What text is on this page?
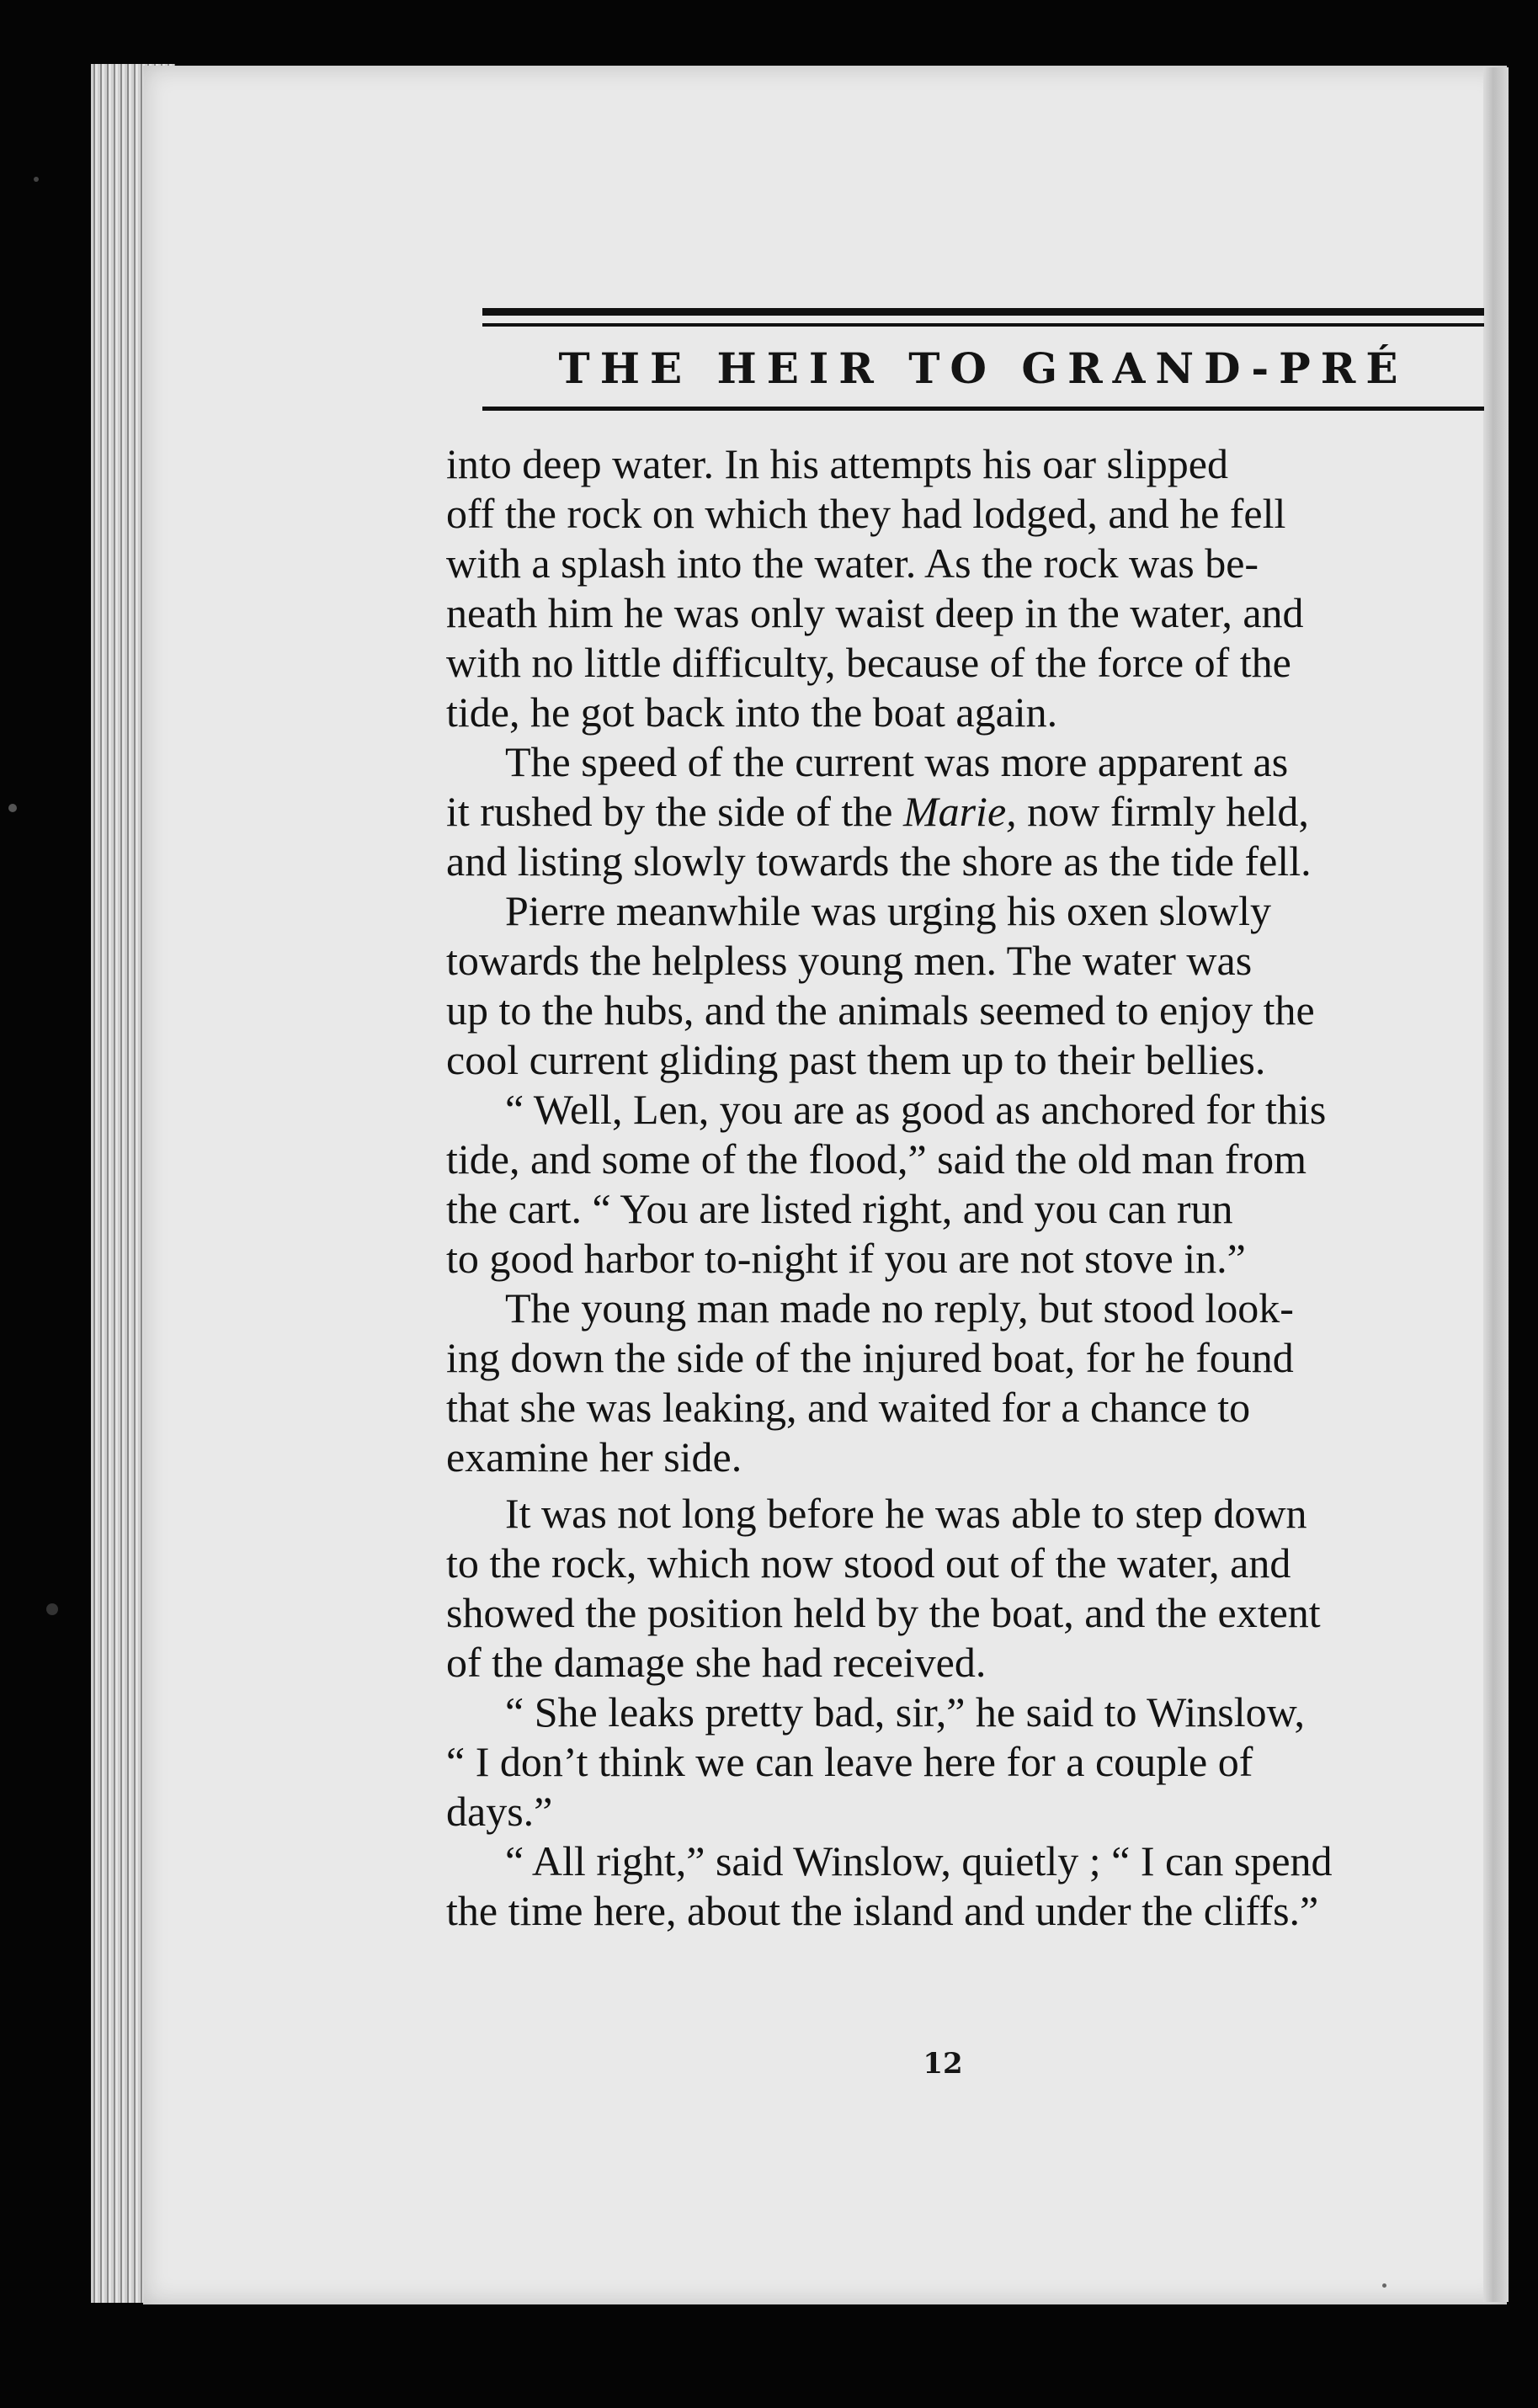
THE HEIR TO GRAND-PRÉ

into deep water. In his attempts his oar slipped
off the rock on which they had lodged, and he fell
with a splash into the water. As the rock was be-
neath him he was only waist deep in the water, and
with no little difficulty, because of the force of the
tide, he got back into the boat again.

The speed of the current was more apparent as
it rushed by the side of the Marie, now firmly held,
and listing slowly towards the shore as the tide fell.

Pierre meanwhile was urging his oxen slowly
towards the helpless young men. The water was
up to the hubs, and the animals seemed to enjoy the
cool current gliding past them up to their bellies.

“ Well, Len, you are as good as anchored for this
tide, and some of the flood,” said the old man from
the cart. “ You are listed right, and you can run
to good harbor to-night if you are not stove in.”

The young man made no reply, but stood look-
ing down the side of the injured boat, for he found
that she was leaking, and waited for a chance to
examine her side.

It was not long before he was able to step down
to the rock, which now stood out of the water, and
showed the position held by the boat, and the extent
of the damage she had received.

“ She leaks pretty bad, sir,” he said to Winslow,
“ I don’t think we can leave here for a couple of
days.”

“ All right,” said Winslow, quietly ; “ I can spend
the time here, about the island and under the cliffs.”

12
